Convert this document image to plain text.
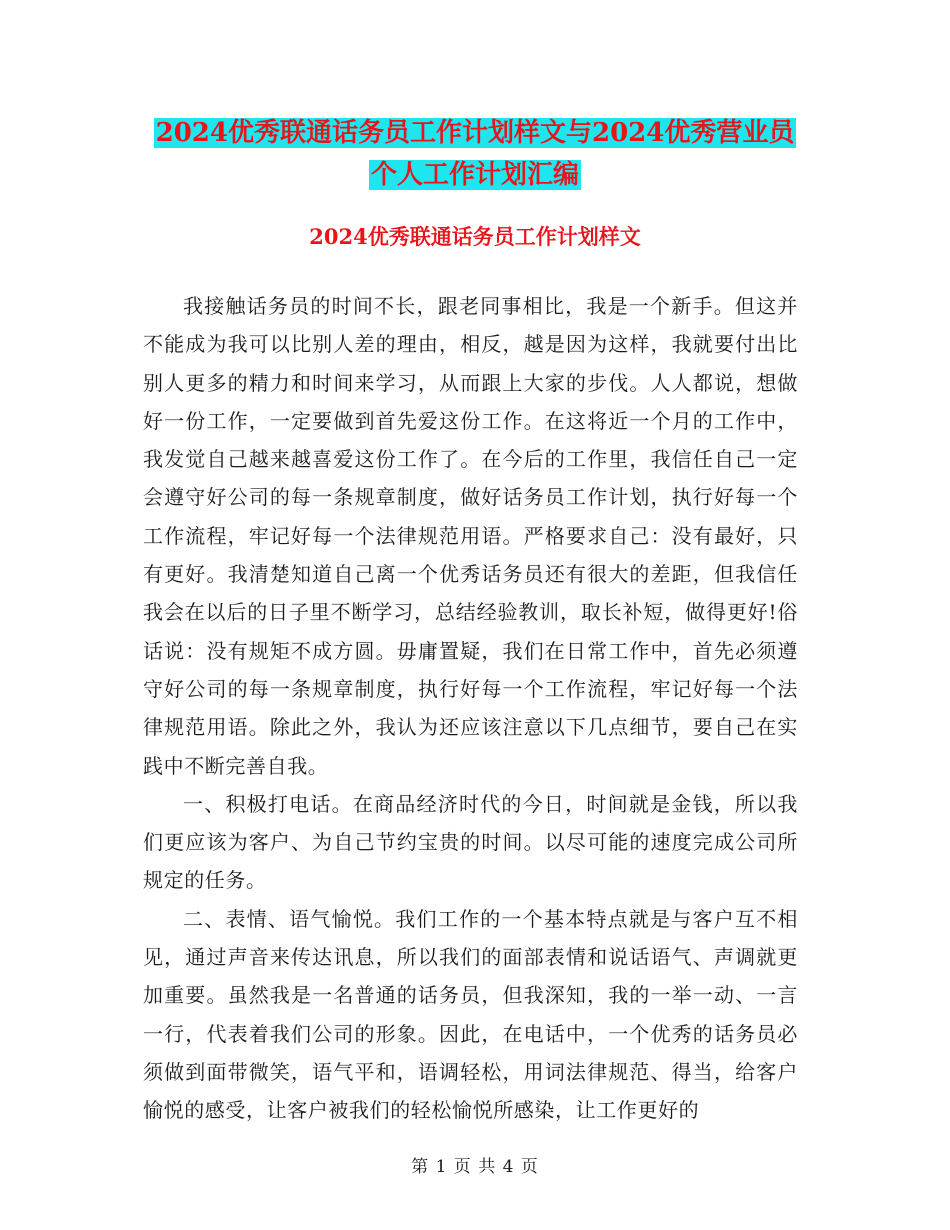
2024优秀联通话务员工作计划样文与2024优秀营业员
个人工作计划汇编
2024优秀联通话务员工作计划样文

我接触话务员的时间不长，跟老同事相比，我是一个新手。但这并不能成为我可以比别人差的理由，相反，越是因为这样，我就要付出比别人更多的精力和时间来学习，从而跟上大家的步伐。人人都说，想做好一份工作，一定要做到首先爱这份工作。在这将近一个月的工作中，我发觉自己越来越喜爱这份工作了。在今后的工作里，我信任自己一定会遵守好公司的每一条规章制度，做好话务员工作计划，执行好每一个工作流程，牢记好每一个法律规范用语。严格要求自己：没有最好，只有更好。我清楚知道自己离一个优秀话务员还有很大的差距，但我信任我会在以后的日子里不断学习，总结经验教训，取长补短，做得更好!俗话说：没有规矩不成方圆。毋庸置疑，我们在日常工作中，首先必须遵守好公司的每一条规章制度，执行好每一个工作流程，牢记好每一个法律规范用语。除此之外，我认为还应该注意以下几点细节，要自己在实践中不断完善自我。

一、积极打电话。在商品经济时代的今日，时间就是金钱，所以我们更应该为客户、为自己节约宝贵的时间。以尽可能的速度完成公司所规定的任务。

二、表情、语气愉悦。我们工作的一个基本特点就是与客户互不相见，通过声音来传达讯息，所以我们的面部表情和说话语气、声调就更加重要。虽然我是一名普通的话务员，但我深知，我的一举一动、一言一行，代表着我们公司的形象。因此，在电话中，一个优秀的话务员必须做到面带微笑，语气平和，语调轻松，用词法律规范、得当，给客户愉悦的感受，让客户被我们的轻松愉悦所感染，让工作更好的

第 1 页 共 4 页
